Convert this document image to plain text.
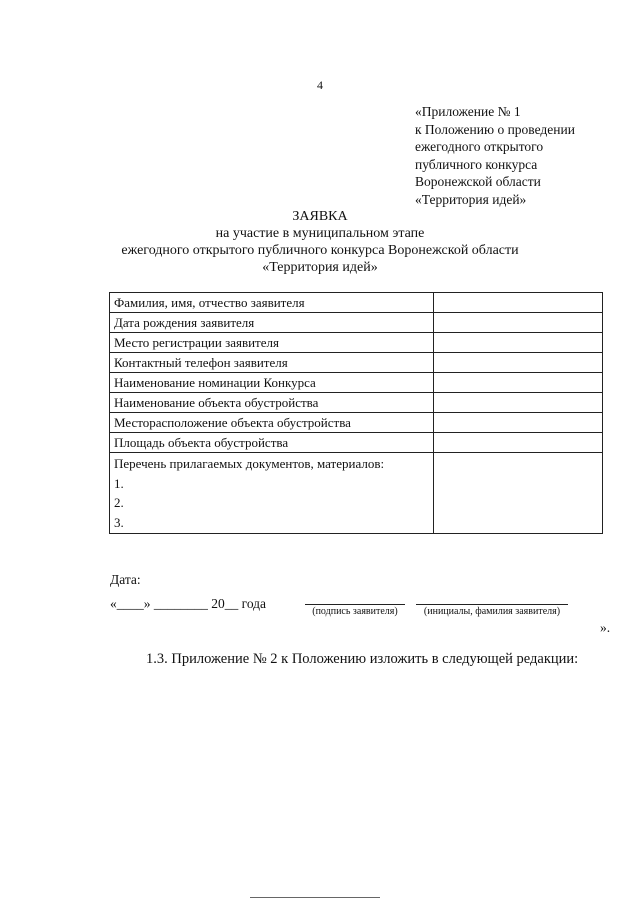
4
«Приложение № 1
к Положению о проведении
ежегодного открытого
публичного конкурса
Воронежской области
«Территория идей»
ЗАЯВКА
на участие в муниципальном этапе
ежегодного открытого публичного конкурса Воронежской области
«Территория идей»
Фамилия, имя, отчество заявителя	
Дата рождения заявителя	
Место регистрации заявителя	
Контактный телефон заявителя	
Наименование номинации Конкурса	
Наименование объекта обустройства	
Месторасположение объекта обустройства	
Площадь объекта обустройства	

Перечень прилагаемых документов, материалов:
1.
2.
3.	

Дата:
«____» ________ 20__ года
(подпись заявителя)	(инициалы, фамилия заявителя)
».
1.3. Приложение № 2 к Положению изложить в следующей редакции:
